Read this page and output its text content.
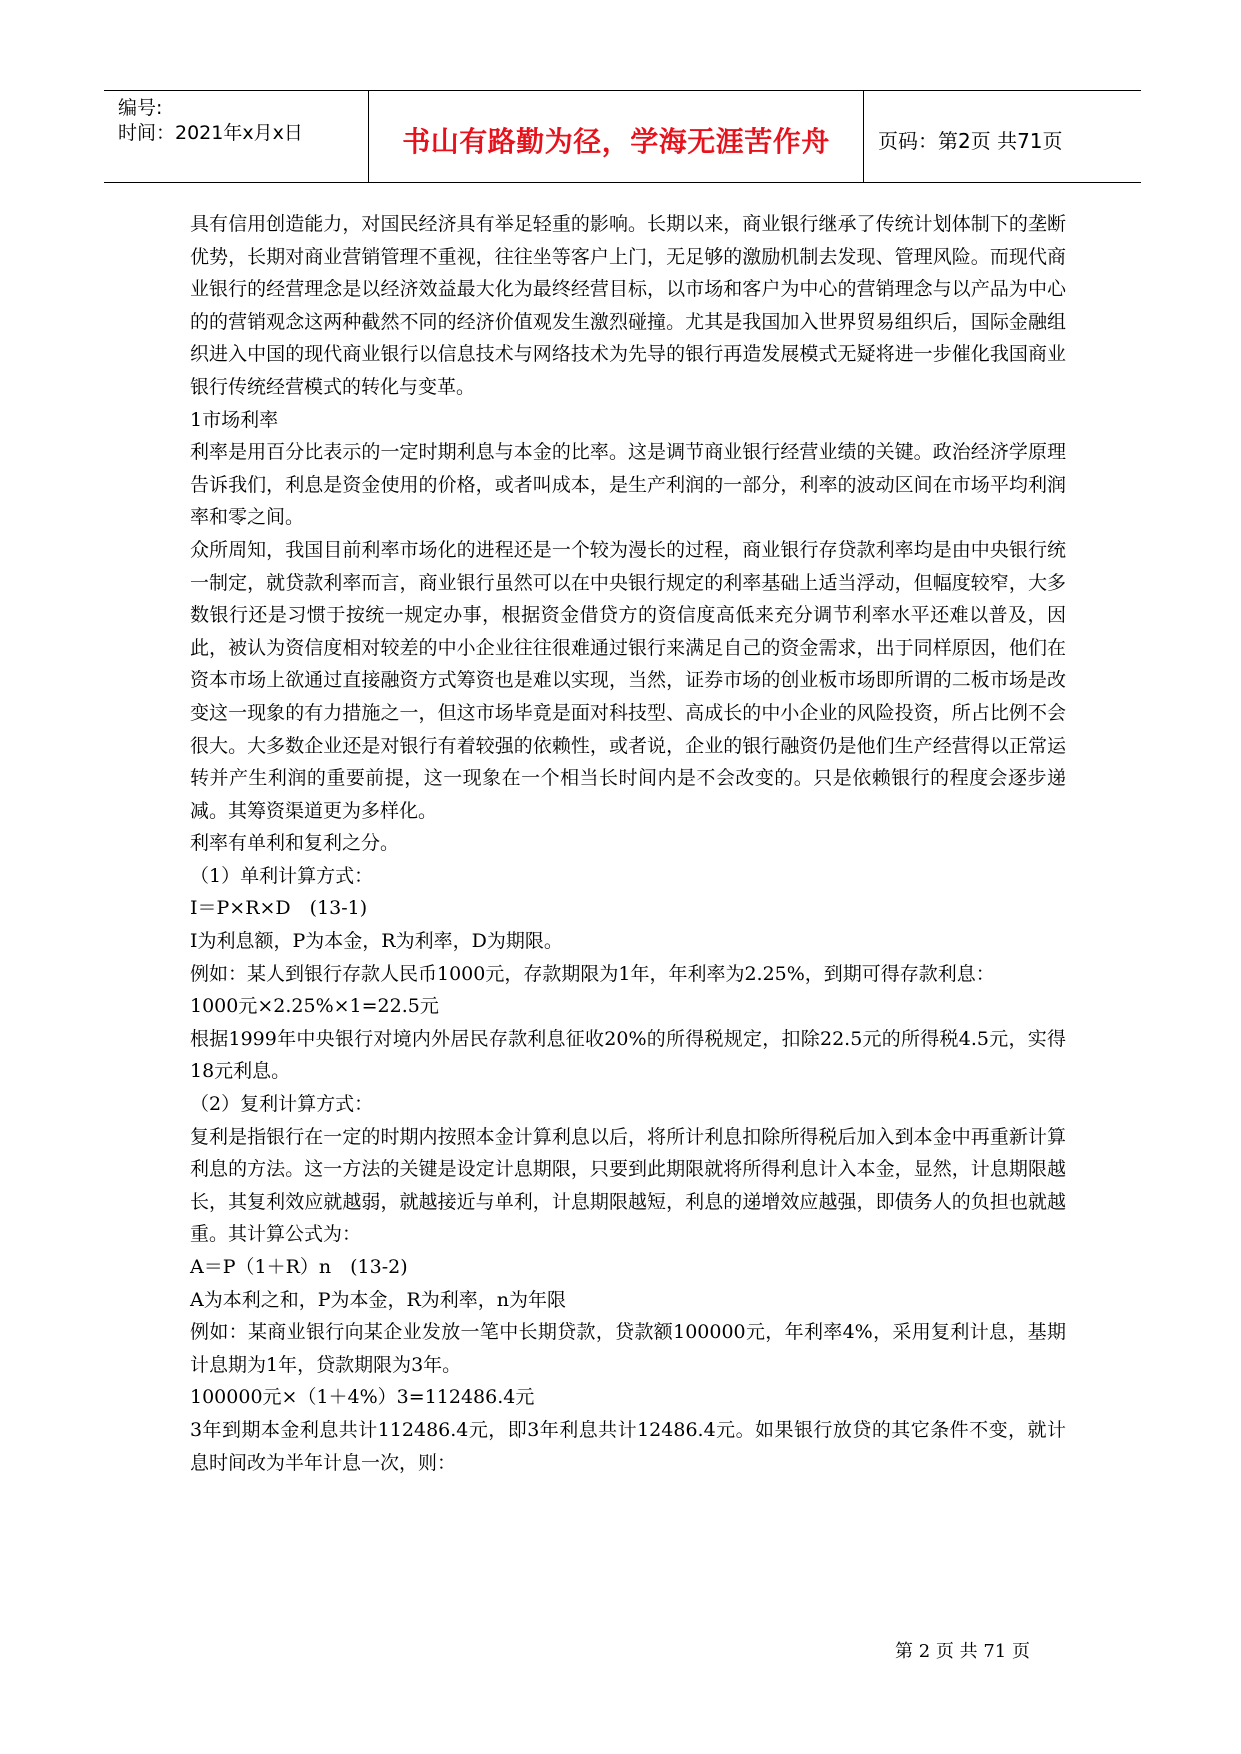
编号:
时间：2021年x月x日	书山有路勤为径，学海无涯苦作舟	页码：第2页 共71页

具有信用创造能力，对国民经济具有举足轻重的影响。长期以来，商业银行继承了传统计划体制下的垄断优势，长期对商业营销管理不重视，往往坐等客户上门，无足够的激励机制去发现、管理风险。而现代商业银行的经营理念是以经济效益最大化为最终经营目标，以市场和客户为中心的营销理念与以产品为中心的的营销观念这两种截然不同的经济价值观发生激烈碰撞。尤其是我国加入世界贸易组织后，国际金融组织进入中国的现代商业银行以信息技术与网络技术为先导的银行再造发展模式无疑将进一步催化我国商业银行传统经营模式的转化与变革。

1市场利率

利率是用百分比表示的一定时期利息与本金的比率。这是调节商业银行经营业绩的关键。政治经济学原理告诉我们，利息是资金使用的价格，或者叫成本，是生产利润的一部分，利率的波动区间在市场平均利润率和零之间。

众所周知，我国目前利率市场化的进程还是一个较为漫长的过程，商业银行存贷款利率均是由中央银行统一制定，就贷款利率而言，商业银行虽然可以在中央银行规定的利率基础上适当浮动，但幅度较窄，大多数银行还是习惯于按统一规定办事，根据资金借贷方的资信度高低来充分调节利率水平还难以普及，因此，被认为资信度相对较差的中小企业往往很难通过银行来满足自己的资金需求，出于同样原因，他们在资本市场上欲通过直接融资方式筹资也是难以实现，当然，证券市场的创业板市场即所谓的二板市场是改变这一现象的有力措施之一，但这市场毕竟是面对科技型、高成长的中小企业的风险投资，所占比例不会很大。大多数企业还是对银行有着较强的依赖性，或者说，企业的银行融资仍是他们生产经营得以正常运转并产生利润的重要前提，这一现象在一个相当长时间内是不会改变的。只是依赖银行的程度会逐步递减。其筹资渠道更为多样化。

利率有单利和复利之分。

（1）单利计算方式：

I＝P×R×D　(13-1)

I为利息额，P为本金，R为利率，D为期限。

例如：某人到银行存款人民币1000元，存款期限为1年，年利率为2.25%，到期可得存款利息：

1000元×2.25%×1=22.5元

根据1999年中央银行对境内外居民存款利息征收20%的所得税规定，扣除22.5元的所得税4.5元，实得18元利息。

（2）复利计算方式：

复利是指银行在一定的时期内按照本金计算利息以后，将所计利息扣除所得税后加入到本金中再重新计算利息的方法。这一方法的关键是设定计息期限，只要到此期限就将所得利息计入本金，显然，计息期限越长，其复利效应就越弱，就越接近与单利，计息期限越短，利息的递增效应越强，即债务人的负担也就越重。其计算公式为：

A＝P（1＋R）n　(13-2)

A为本利之和，P为本金，R为利率，n为年限

例如：某商业银行向某企业发放一笔中长期贷款，贷款额100000元，年利率4%，采用复利计息，基期计息期为1年，贷款期限为3年。

100000元×（1＋4%）3=112486.4元

3年到期本金利息共计112486.4元，即3年利息共计12486.4元。如果银行放贷的其它条件不变，就计息时间改为半年计息一次，则：

第 2 页 共 71 页
